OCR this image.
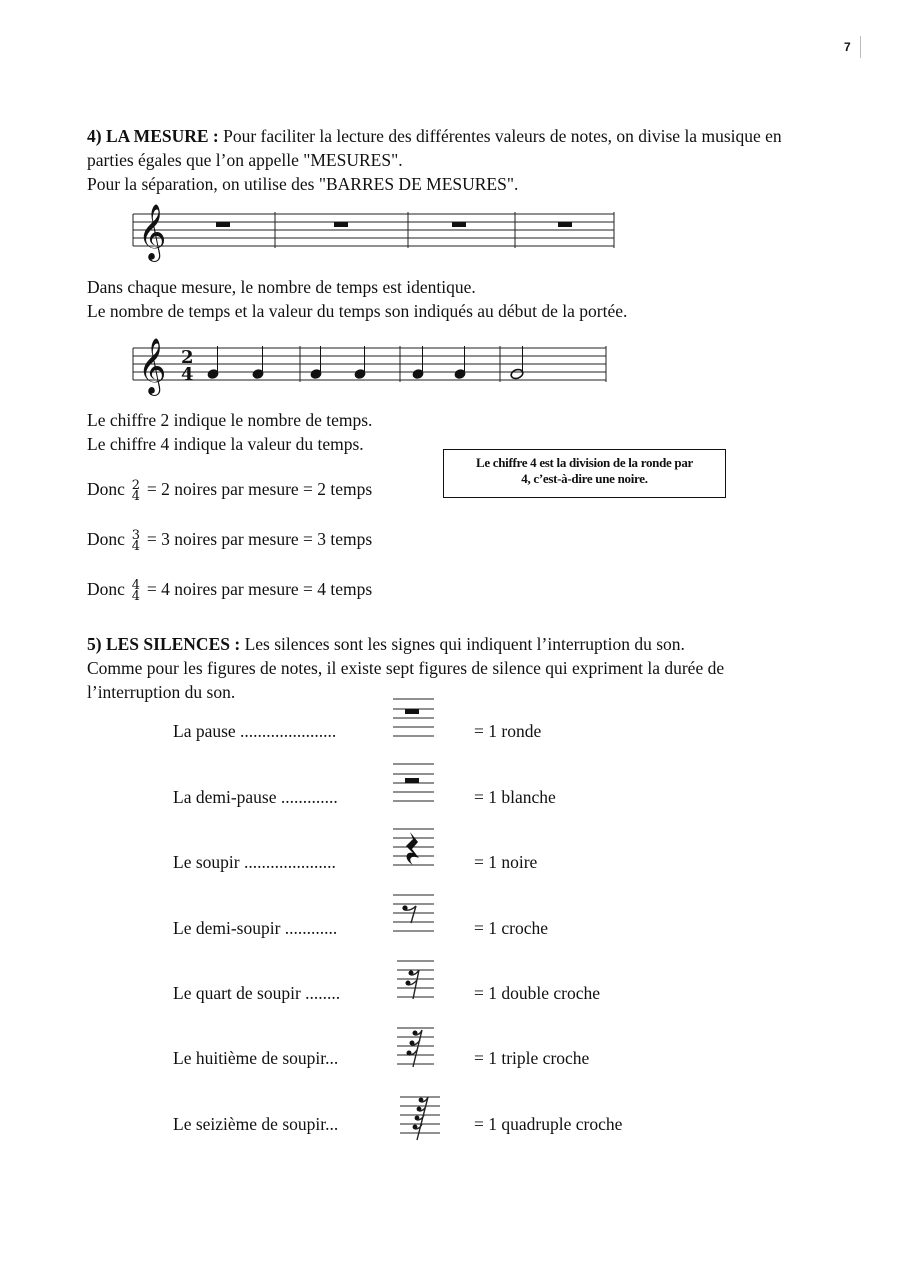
7
4) LA MESURE : Pour faciliter la lecture des différentes valeurs de notes, on divise la musique en
parties égales que l’on appelle "MESURES".
Pour la séparation, on utilise des "BARRES DE MESURES".
𝄞
Dans chaque mesure, le nombre de temps est identique.
Le nombre de temps et la valeur du temps son indiqués au début de la portée.
𝄞 2
4
Le chiffre 2 indique le nombre de temps.
Le chiffre 4 indique la valeur du temps.
Le chiffre 4 est la division de la ronde par
4, c’est-à-dire une noire.
Donc 2
4 = 2 noires par mesure = 2 temps
Donc 3
4 = 3 noires par mesure = 3 temps
Donc 4
4 = 4 noires par mesure = 4 temps
5) LES SILENCES : Les silences sont les signes qui indiquent l’interruption du son.
Comme pour les figures de notes, il existe sept figures de silence qui expriment la durée de
l’interruption du son.
La pause ......................	= 1 ronde
La demi-pause .............	= 1 blanche
Le soupir .....................	= 1 noire
Le demi-soupir ............	= 1 croche
Le quart de soupir ........	= 1 double croche
Le huitième de soupir...	= 1 triple croche
Le seizième de soupir...	= 1 quadruple croche
